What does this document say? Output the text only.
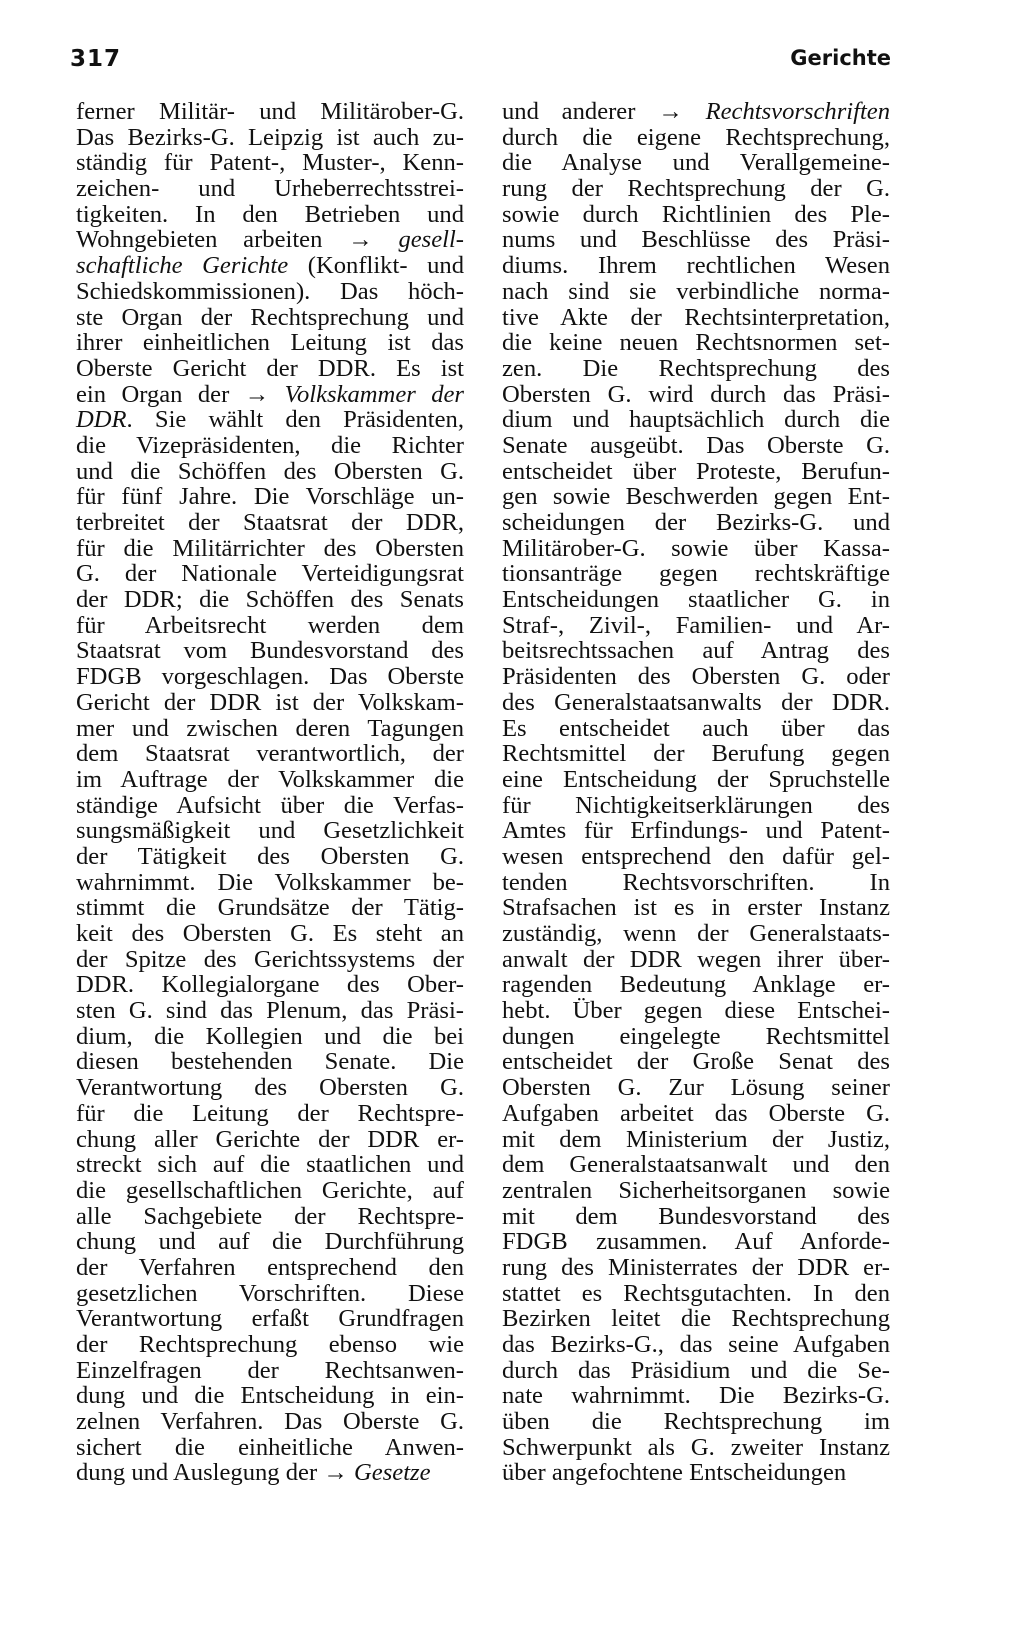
317	Gerichte
ferner Militär- und Militärober-G.
Das Bezirks-G. Leipzig ist auch zu-
ständig für Patent-, Muster-, Kenn-
zeichen- und Urheberrechtsstrei-
tigkeiten. In den Betrieben und
Wohngebieten arbeiten → gesell-
schaftliche Gerichte (Konflikt- und
Schiedskommissionen). Das höch-
ste Organ der Rechtsprechung und
ihrer einheitlichen Leitung ist das
Oberste Gericht der DDR. Es ist
ein Organ der → Volkskammer der
DDR. Sie wählt den Präsidenten,
die Vizepräsidenten, die Richter
und die Schöffen des Obersten G.
für fünf Jahre. Die Vorschläge un-
terbreitet der Staatsrat der DDR,
für die Militärrichter des Obersten
G. der Nationale Verteidigungsrat
der DDR; die Schöffen des Senats
für Arbeitsrecht werden dem
Staatsrat vom Bundesvorstand des
FDGB vorgeschlagen. Das Oberste
Gericht der DDR ist der Volkskam-
mer und zwischen deren Tagungen
dem Staatsrat verantwortlich, der
im Auftrage der Volkskammer die
ständige Aufsicht über die Verfas-
sungsmäßigkeit und Gesetzlichkeit
der Tätigkeit des Obersten G.
wahrnimmt. Die Volkskammer be-
stimmt die Grundsätze der Tätig-
keit des Obersten G. Es steht an
der Spitze des Gerichtssystems der
DDR. Kollegialorgane des Ober-
sten G. sind das Plenum, das Präsi-
dium, die Kollegien und die bei
diesen bestehenden Senate. Die
Verantwortung des Obersten G.
für die Leitung der Rechtspre-
chung aller Gerichte der DDR er-
streckt sich auf die staatlichen und
die gesellschaftlichen Gerichte, auf
alle Sachgebiete der Rechtspre-
chung und auf die Durchführung
der Verfahren entsprechend den
gesetzlichen Vorschriften. Diese
Verantwortung erfaßt Grundfragen
der Rechtsprechung ebenso wie
Einzelfragen der Rechtsanwen-
dung und die Entscheidung in ein-
zelnen Verfahren. Das Oberste G.
sichert die einheitliche Anwen-
dung und Auslegung der → Gesetze
und anderer → Rechtsvorschriften
durch die eigene Rechtsprechung,
die Analyse und Verallgemeine-
rung der Rechtsprechung der G.
sowie durch Richtlinien des Ple-
nums und Beschlüsse des Präsi-
diums. Ihrem rechtlichen Wesen
nach sind sie verbindliche norma-
tive Akte der Rechtsinterpretation,
die keine neuen Rechtsnormen set-
zen. Die Rechtsprechung des
Obersten G. wird durch das Präsi-
dium und hauptsächlich durch die
Senate ausgeübt. Das Oberste G.
entscheidet über Proteste, Berufun-
gen sowie Beschwerden gegen Ent-
scheidungen der Bezirks-G. und
Militärober-G. sowie über Kassa-
tionsanträge gegen rechtskräftige
Entscheidungen staatlicher G. in
Straf-, Zivil-, Familien- und Ar-
beitsrechtssachen auf Antrag des
Präsidenten des Obersten G. oder
des Generalstaatsanwalts der DDR.
Es entscheidet auch über das
Rechtsmittel der Berufung gegen
eine Entscheidung der Spruchstelle
für Nichtigkeitserklärungen des
Amtes für Erfindungs- und Patent-
wesen entsprechend den dafür gel-
tenden Rechtsvorschriften. In
Strafsachen ist es in erster Instanz
zuständig, wenn der Generalstaats-
anwalt der DDR wegen ihrer über-
ragenden Bedeutung Anklage er-
hebt. Über gegen diese Entschei-
dungen eingelegte Rechtsmittel
entscheidet der Große Senat des
Obersten G. Zur Lösung seiner
Aufgaben arbeitet das Oberste G.
mit dem Ministerium der Justiz,
dem Generalstaatsanwalt und den
zentralen Sicherheitsorganen sowie
mit dem Bundesvorstand des
FDGB zusammen. Auf Anforde-
rung des Ministerrates der DDR er-
stattet es Rechtsgutachten. In den
Bezirken leitet die Rechtsprechung
das Bezirks-G., das seine Aufgaben
durch das Präsidium und die Se-
nate wahrnimmt. Die Bezirks-G.
üben die Rechtsprechung im
Schwerpunkt als G. zweiter Instanz
über angefochtene Entscheidungen
